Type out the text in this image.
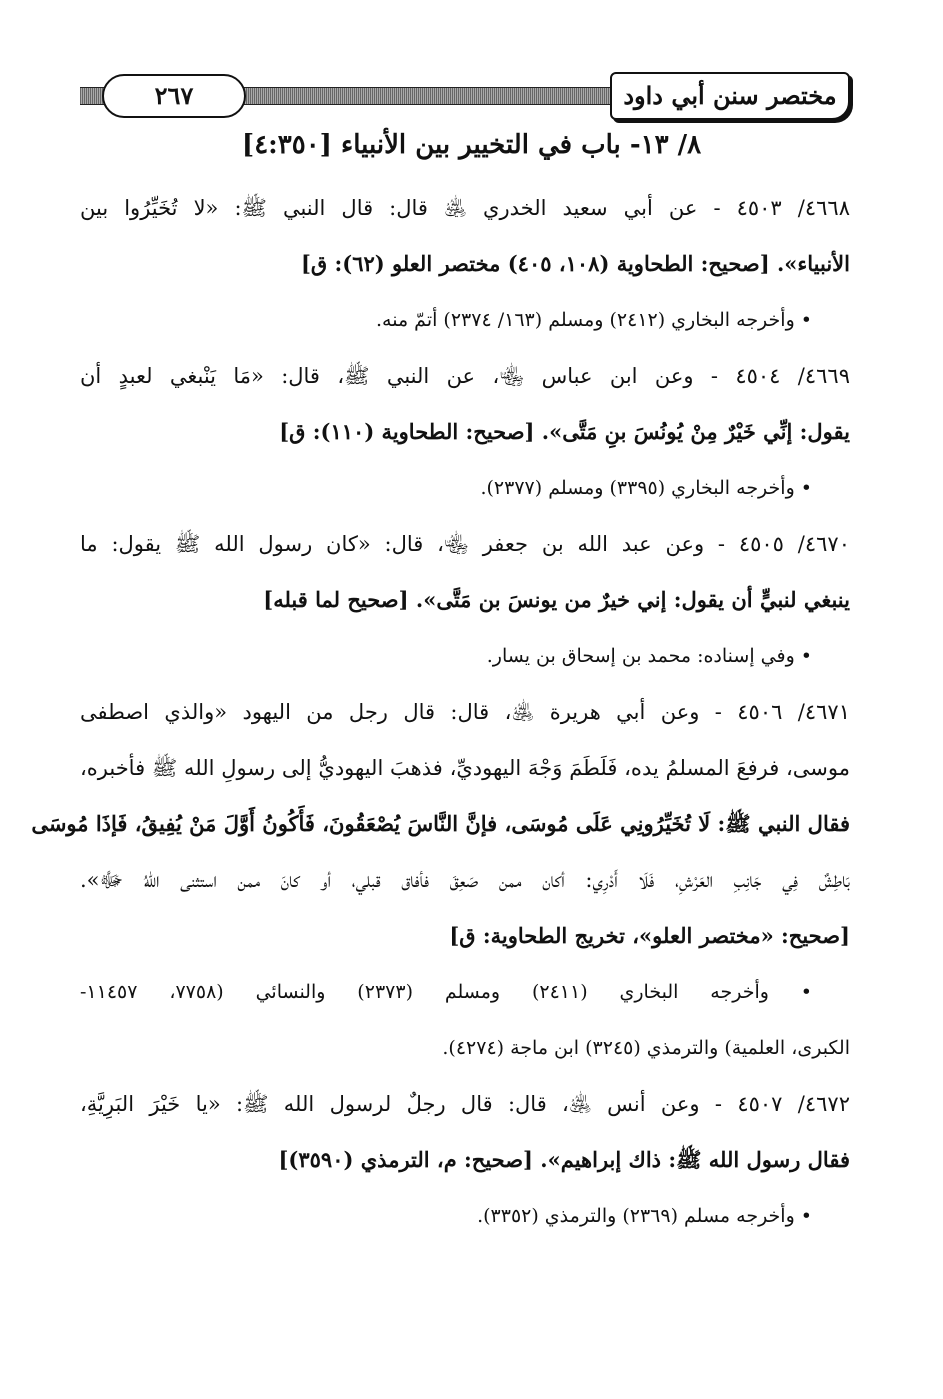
٢٦٧	مختصر سنن أبي داود
٨/ ١٣- باب في التخيير بين الأنبياء [٤:٣٥٠]
٤٦٦٨/ ٤٥٠٣ - عن أبي سعيد الخدري ﵁ قال: قال النبي ﷺ: «لا تُخَيِّرُوا بين
الأنبياء». [صحيح: الطحاوية (١٠٨، ٤٠٥) مختصر العلو (٦٢): ق]
• وأخرجه البخاري (٢٤١٢) ومسلم (١٦٣/ ٢٣٧٤) أتمّ منه.
٤٦٦٩/ ٤٥٠٤ - وعن ابن عباس ﵄، عن النبي ﷺ، قال: «مَا يَنْبغي لعبدٍ أن
يقول: إنِّي خَيْرٌ مِنْ يُونُسَ بنِ مَتَّى». [صحيح: الطحاوية (١١٠): ق]
• وأخرجه البخاري (٣٣٩٥) ومسلم (٢٣٧٧).
٤٦٧٠/ ٤٥٠٥ - وعن عبد الله بن جعفر ﵄، قال: «كان رسول الله ﷺ يقول: ما
ينبغي لنبيٍّ أن يقول: إني خيرٌ من يونسَ بن مَتَّى». [صحيح لما قبله]
• وفي إسناده: محمد بن إسحاق بن يسار.
٤٦٧١/ ٤٥٠٦ - وعن أبي هريرة ﵁، قال: قال رجل من اليهود «والذي اصطفى
موسى، فرفعَ المسلمُ يده، فَلَطَمَ وَجْهَ اليهوديِّ، فذهبَ اليهوديُّ إلى رسولِ الله ﷺ فأخبره،
فقال النبي ﷺ: لَا تُخَيِّرُونِي عَلَى مُوسَى، فإنَّ النَّاسَ يُصْعَقُونَ، فَأَكُونُ أَوَّلَ مَنْ يُفِيقُ، فَإذَا مُوسَى
بَاطِشٌ فِي جَانِبِ العَرْشِ، فَلَا أَدْرِي: أكان ممن صَعِقَ فأفاق قبلي، أو كانَ ممن استثنى اللهُ ﷻ».
[صحيح: «مختصر العلو»، تخريج الطحاوية: ق]
• وأخرجه البخاري (٢٤١١) ومسلم (٢٣٧٣) والنسائي (٧٧٥٨، ١١٤٥٧-
الكبرى، العلمية) والترمذي (٣٢٤٥) ابن ماجة (٤٢٧٤).
٤٦٧٢/ ٤٥٠٧ - وعن أنس ﵁، قال: قال رجلٌ لرسول الله ﷺ: «يا خَيْرَ البَرِيَّةِ،
فقال رسول الله ﷺ: ذاك إبراهيم». [صحيح: م، الترمذي (٣٥٩٠)]
• وأخرجه مسلم (٢٣٦٩) والترمذي (٣٣٥٢).
